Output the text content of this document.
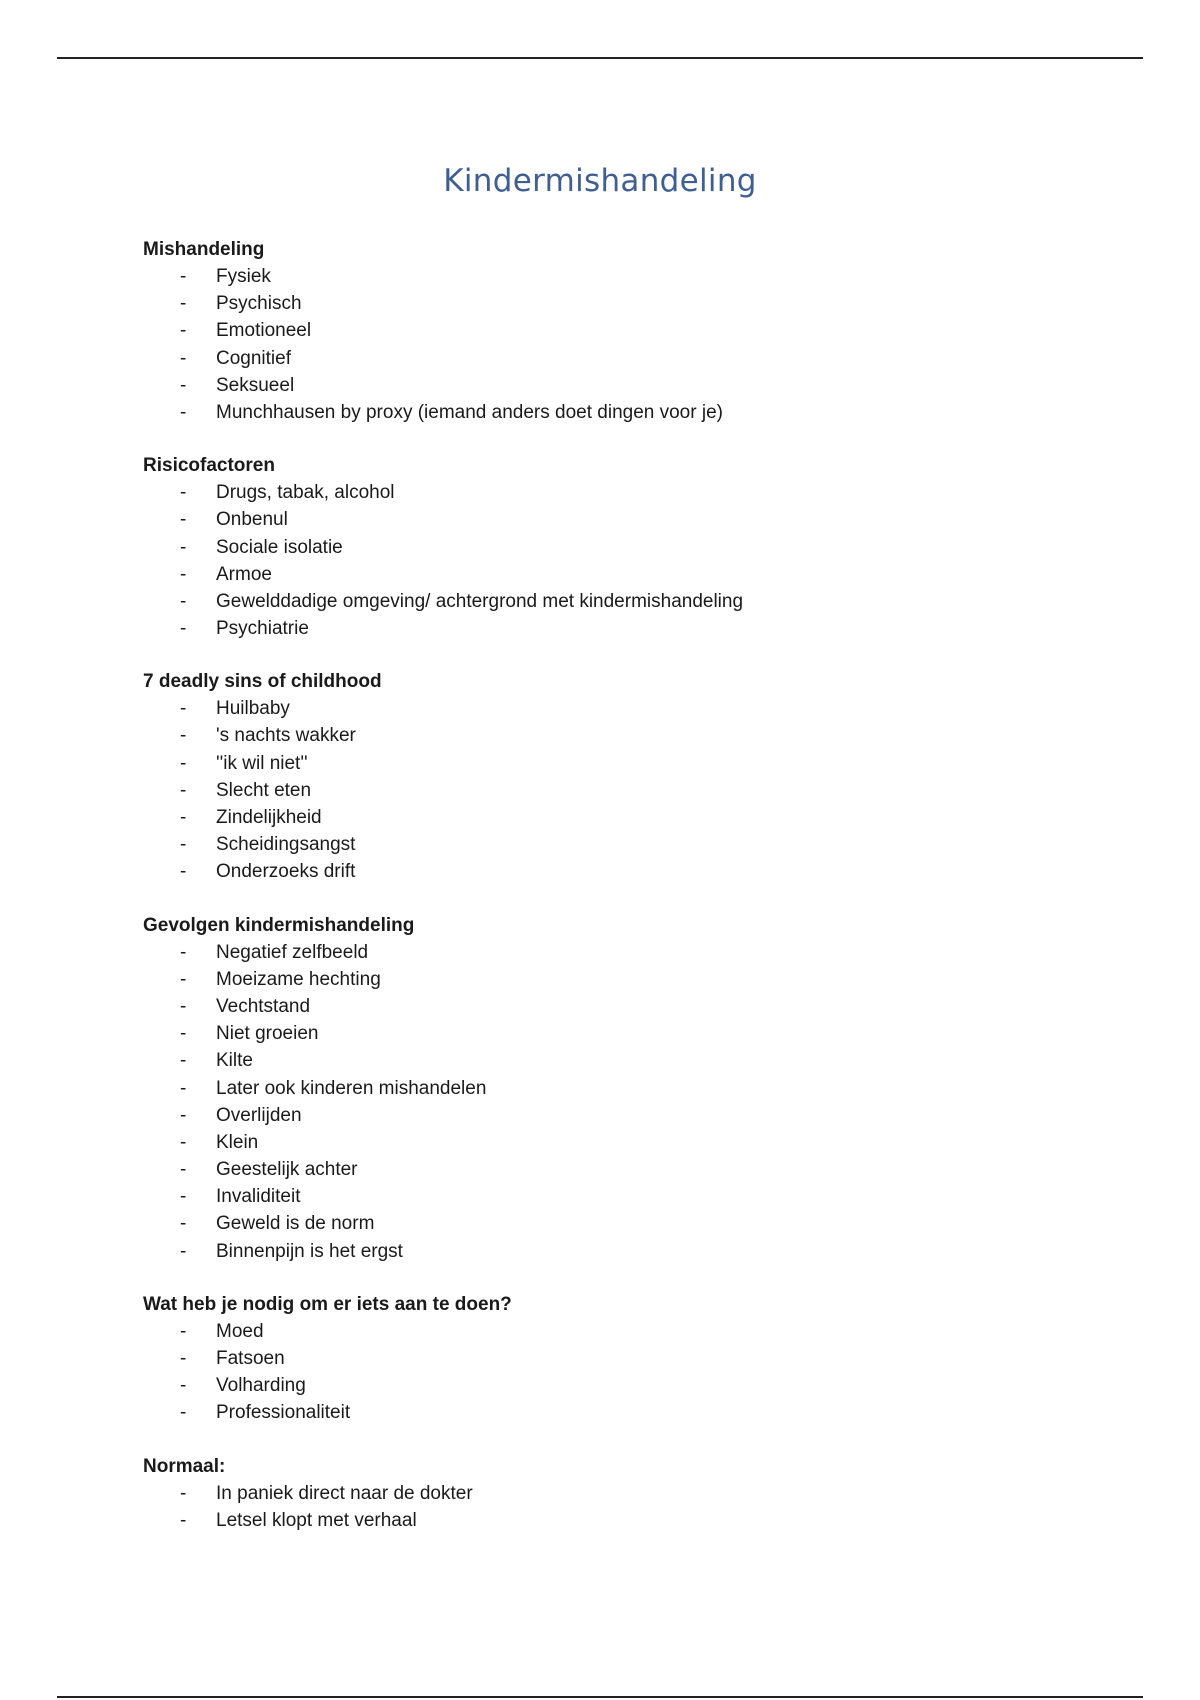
Kindermishandeling
Mishandeling
- Fysiek
- Psychisch
- Emotioneel
- Cognitief
- Seksueel
- Munchhausen by proxy (iemand anders doet dingen voor je)
Risicofactoren
- Drugs, tabak, alcohol
- Onbenul
- Sociale isolatie
- Armoe
- Gewelddadige omgeving/ achtergrond met kindermishandeling
- Psychiatrie
7 deadly sins of childhood
- Huilbaby
- 's nachts wakker
- ''ik wil niet''
- Slecht eten
- Zindelijkheid
- Scheidingsangst
- Onderzoeks drift
Gevolgen kindermishandeling
- Negatief zelfbeeld
- Moeizame hechting
- Vechtstand
- Niet groeien
- Kilte
- Later ook kinderen mishandelen
- Overlijden
- Klein
- Geestelijk achter
- Invaliditeit
- Geweld is de norm
- Binnenpijn is het ergst
Wat heb je nodig om er iets aan te doen?
- Moed
- Fatsoen
- Volharding
- Professionaliteit
Normaal:
- In paniek direct naar de dokter
- Letsel klopt met verhaal
